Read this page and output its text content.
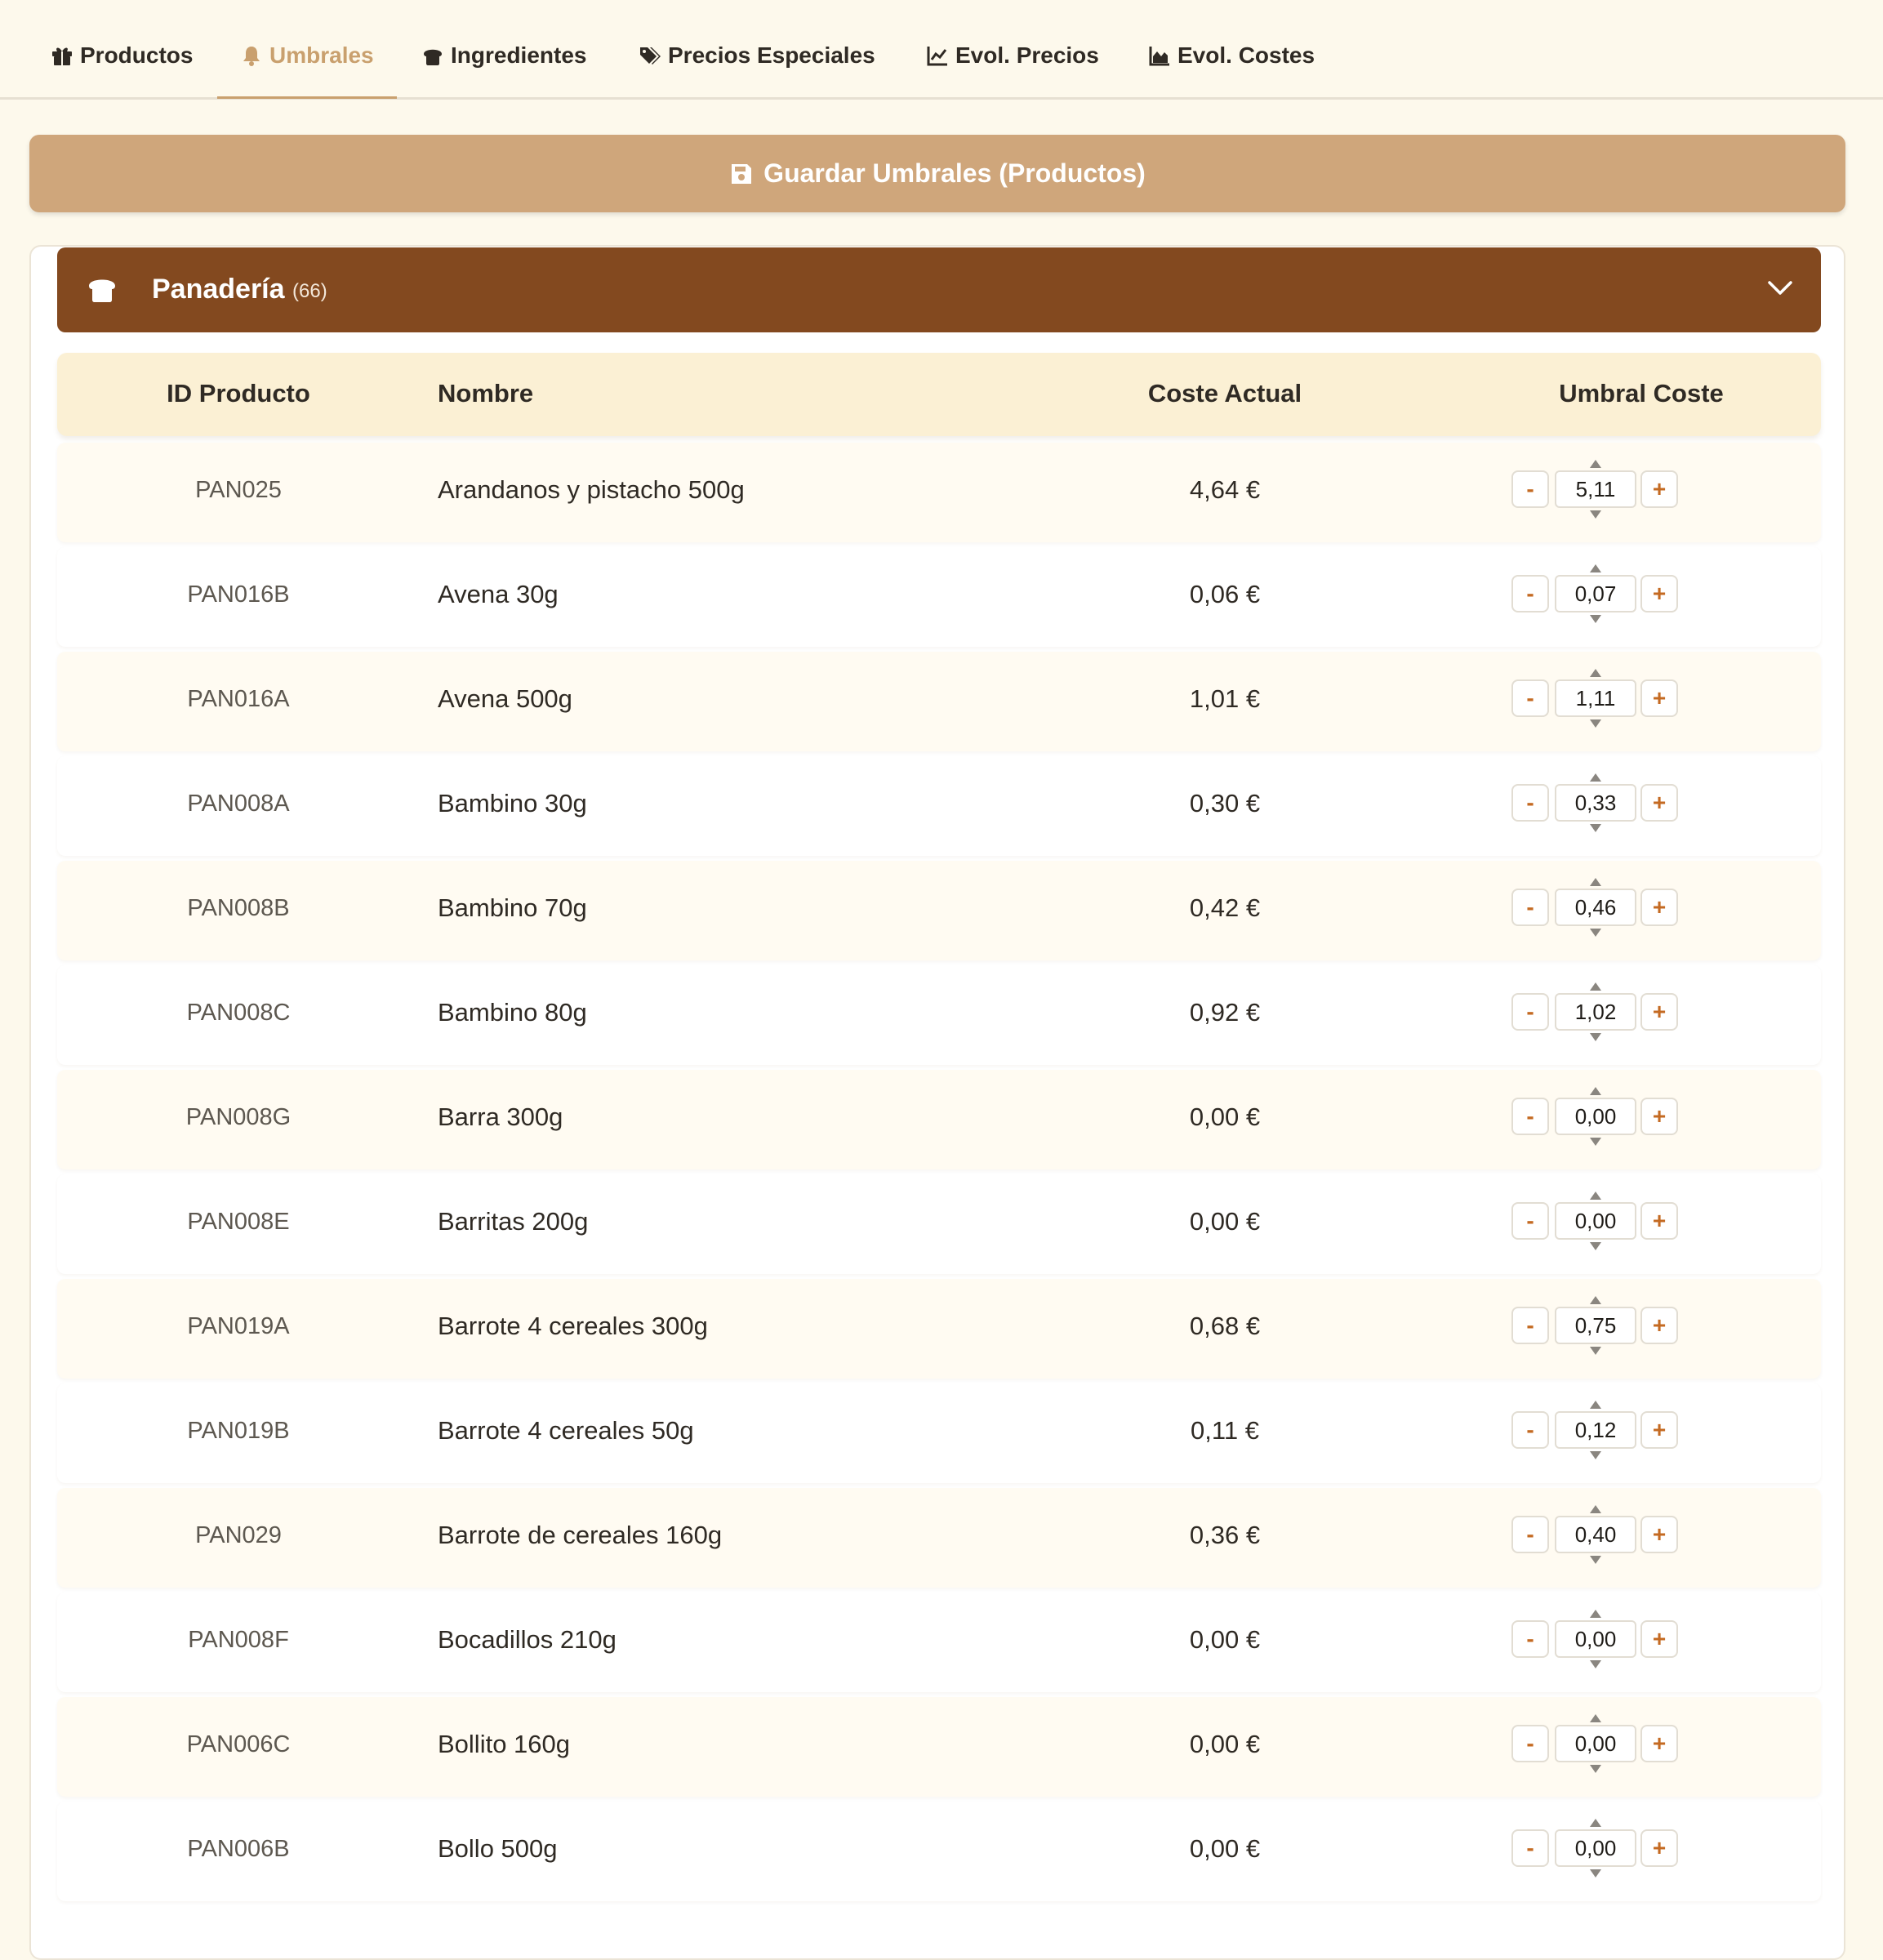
Productos	Umbrales	Ingredientes	Precios Especiales	Evol. Precios	Evol. Costes
Guardar Umbrales (Productos)
Panadería (66)
ID Producto	Nombre	Coste Actual	Umbral Coste
PAN025	Arandanos y pistacho 500g	4,64 €	-	5,11	+
PAN016B	Avena 30g	0,06 €	-	0,07	+
PAN016A	Avena 500g	1,01 €	-	1,11	+
PAN008A	Bambino 30g	0,30 €	-	0,33	+
PAN008B	Bambino 70g	0,42 €	-	0,46	+
PAN008C	Bambino 80g	0,92 €	-	1,02	+
PAN008G	Barra 300g	0,00 €	-	0,00	+
PAN008E	Barritas 200g	0,00 €	-	0,00	+
PAN019A	Barrote 4 cereales 300g	0,68 €	-	0,75	+
PAN019B	Barrote 4 cereales 50g	0,11 €	-	0,12	+
PAN029	Barrote de cereales 160g	0,36 €	-	0,40	+
PAN008F	Bocadillos 210g	0,00 €	-	0,00	+
PAN006C	Bollito 160g	0,00 €	-	0,00	+
PAN006B	Bollo 500g	0,00 €	-	0,00	+
